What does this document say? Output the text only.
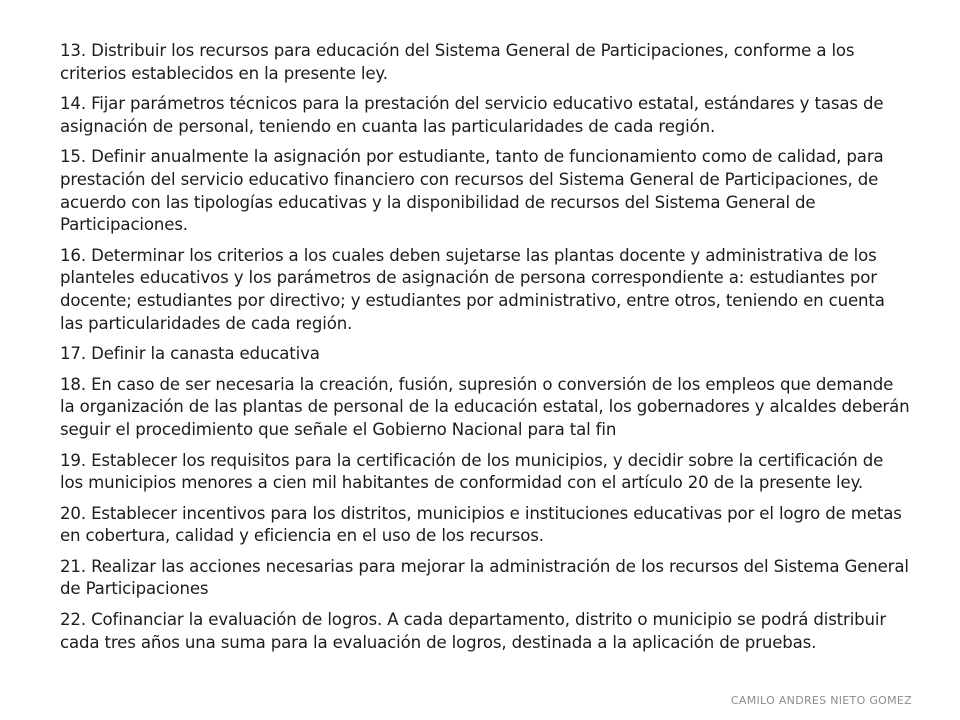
13. Distribuir los recursos para educación del Sistema General de Participaciones, conforme a los criterios establecidos en la presente ley.

14. Fijar parámetros técnicos para la prestación del servicio educativo estatal, estándares y tasas de asignación de personal, teniendo en cuanta las particularidades de cada región.

15. Definir anualmente la asignación por estudiante, tanto de funcionamiento como de calidad, para prestación del servicio educativo financiero con recursos del Sistema General de Participaciones, de acuerdo con las tipologías educativas y la disponibilidad de recursos del Sistema General de Participaciones.

16. Determinar los criterios a los cuales deben sujetarse las plantas docente y administrativa de los planteles educativos y los parámetros de asignación de persona correspondiente a: estudiantes por docente; estudiantes por directivo; y estudiantes por administrativo, entre otros, teniendo en cuenta las particularidades de cada región.

17. Definir la canasta educativa

18. En caso de ser necesaria la creación, fusión, supresión o conversión de los empleos que demande la organización de las plantas de personal de la educación estatal, los gobernadores y alcaldes deberán seguir el procedimiento que señale el Gobierno Nacional para tal fin

19. Establecer los requisitos para la certificación de los municipios, y decidir sobre la certificación de los municipios menores a cien mil habitantes de conformidad con el artículo 20 de la presente ley.

20. Establecer incentivos para los distritos, municipios e instituciones educativas por el logro de metas en cobertura, calidad y eficiencia en el uso de los recursos.

21. Realizar las acciones necesarias para mejorar la administración de los recursos del Sistema General de Participaciones

22. Cofinanciar la evaluación de logros. A cada departamento, distrito o municipio se podrá distribuir cada tres años una suma para la evaluación de logros, destinada a la aplicación de pruebas.

CAMILO ANDRES NIETO GOMEZ
